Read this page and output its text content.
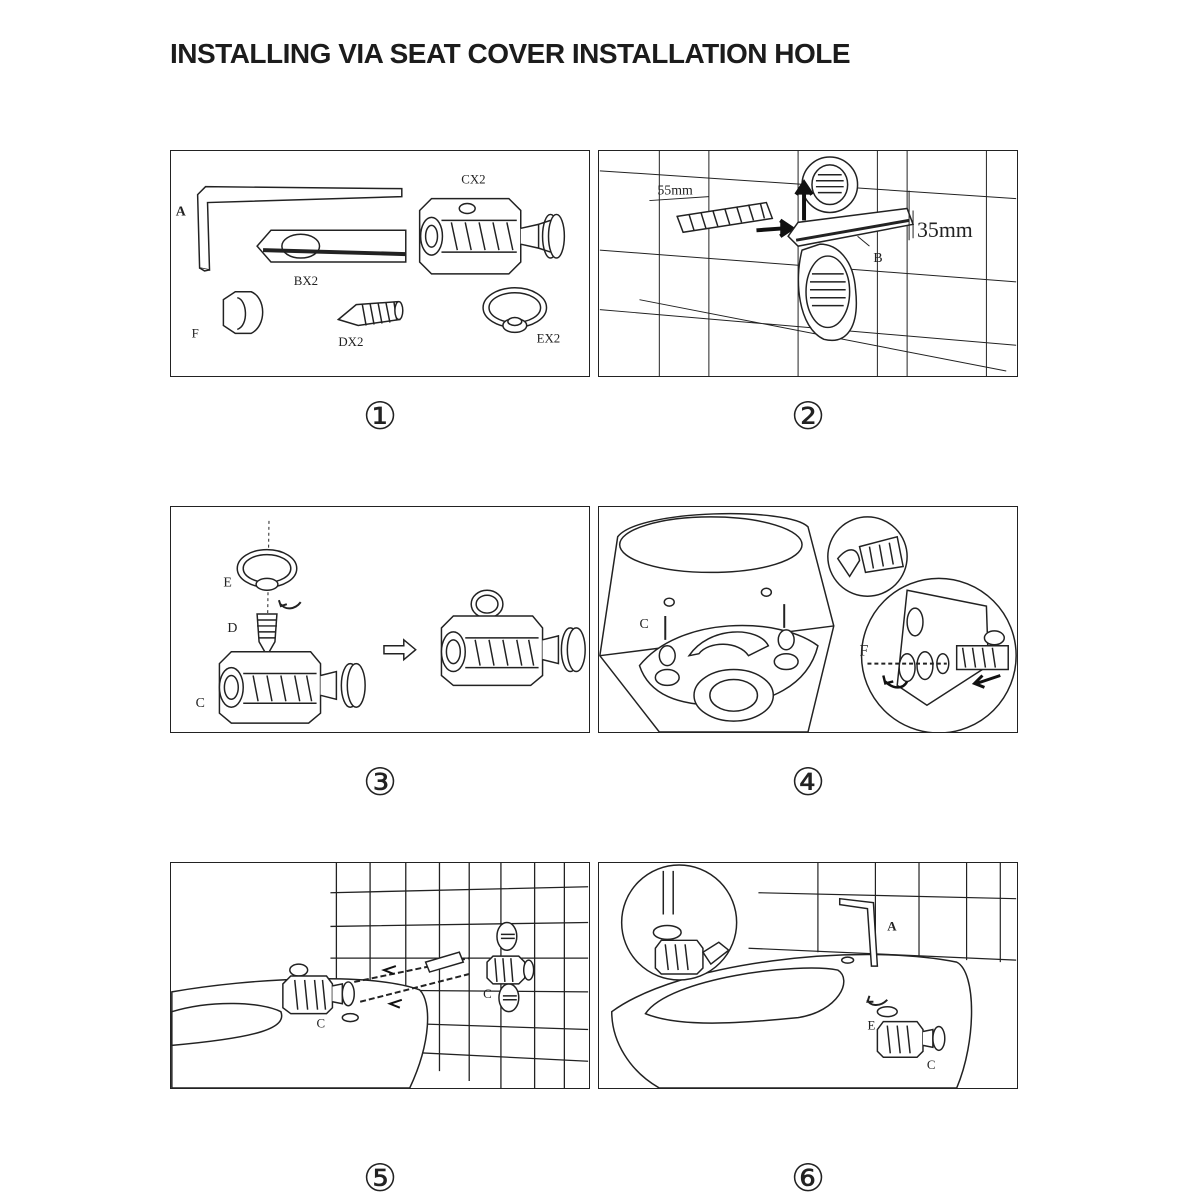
INSTALLING VIA SEAT COVER INSTALLATION HOLE
A
BX2
CX2
F
DX2	EX2
①
55mm
B
35mm
②
E
D
C
③
C
F
④
C
C
⑤
A
E
C
⑥
